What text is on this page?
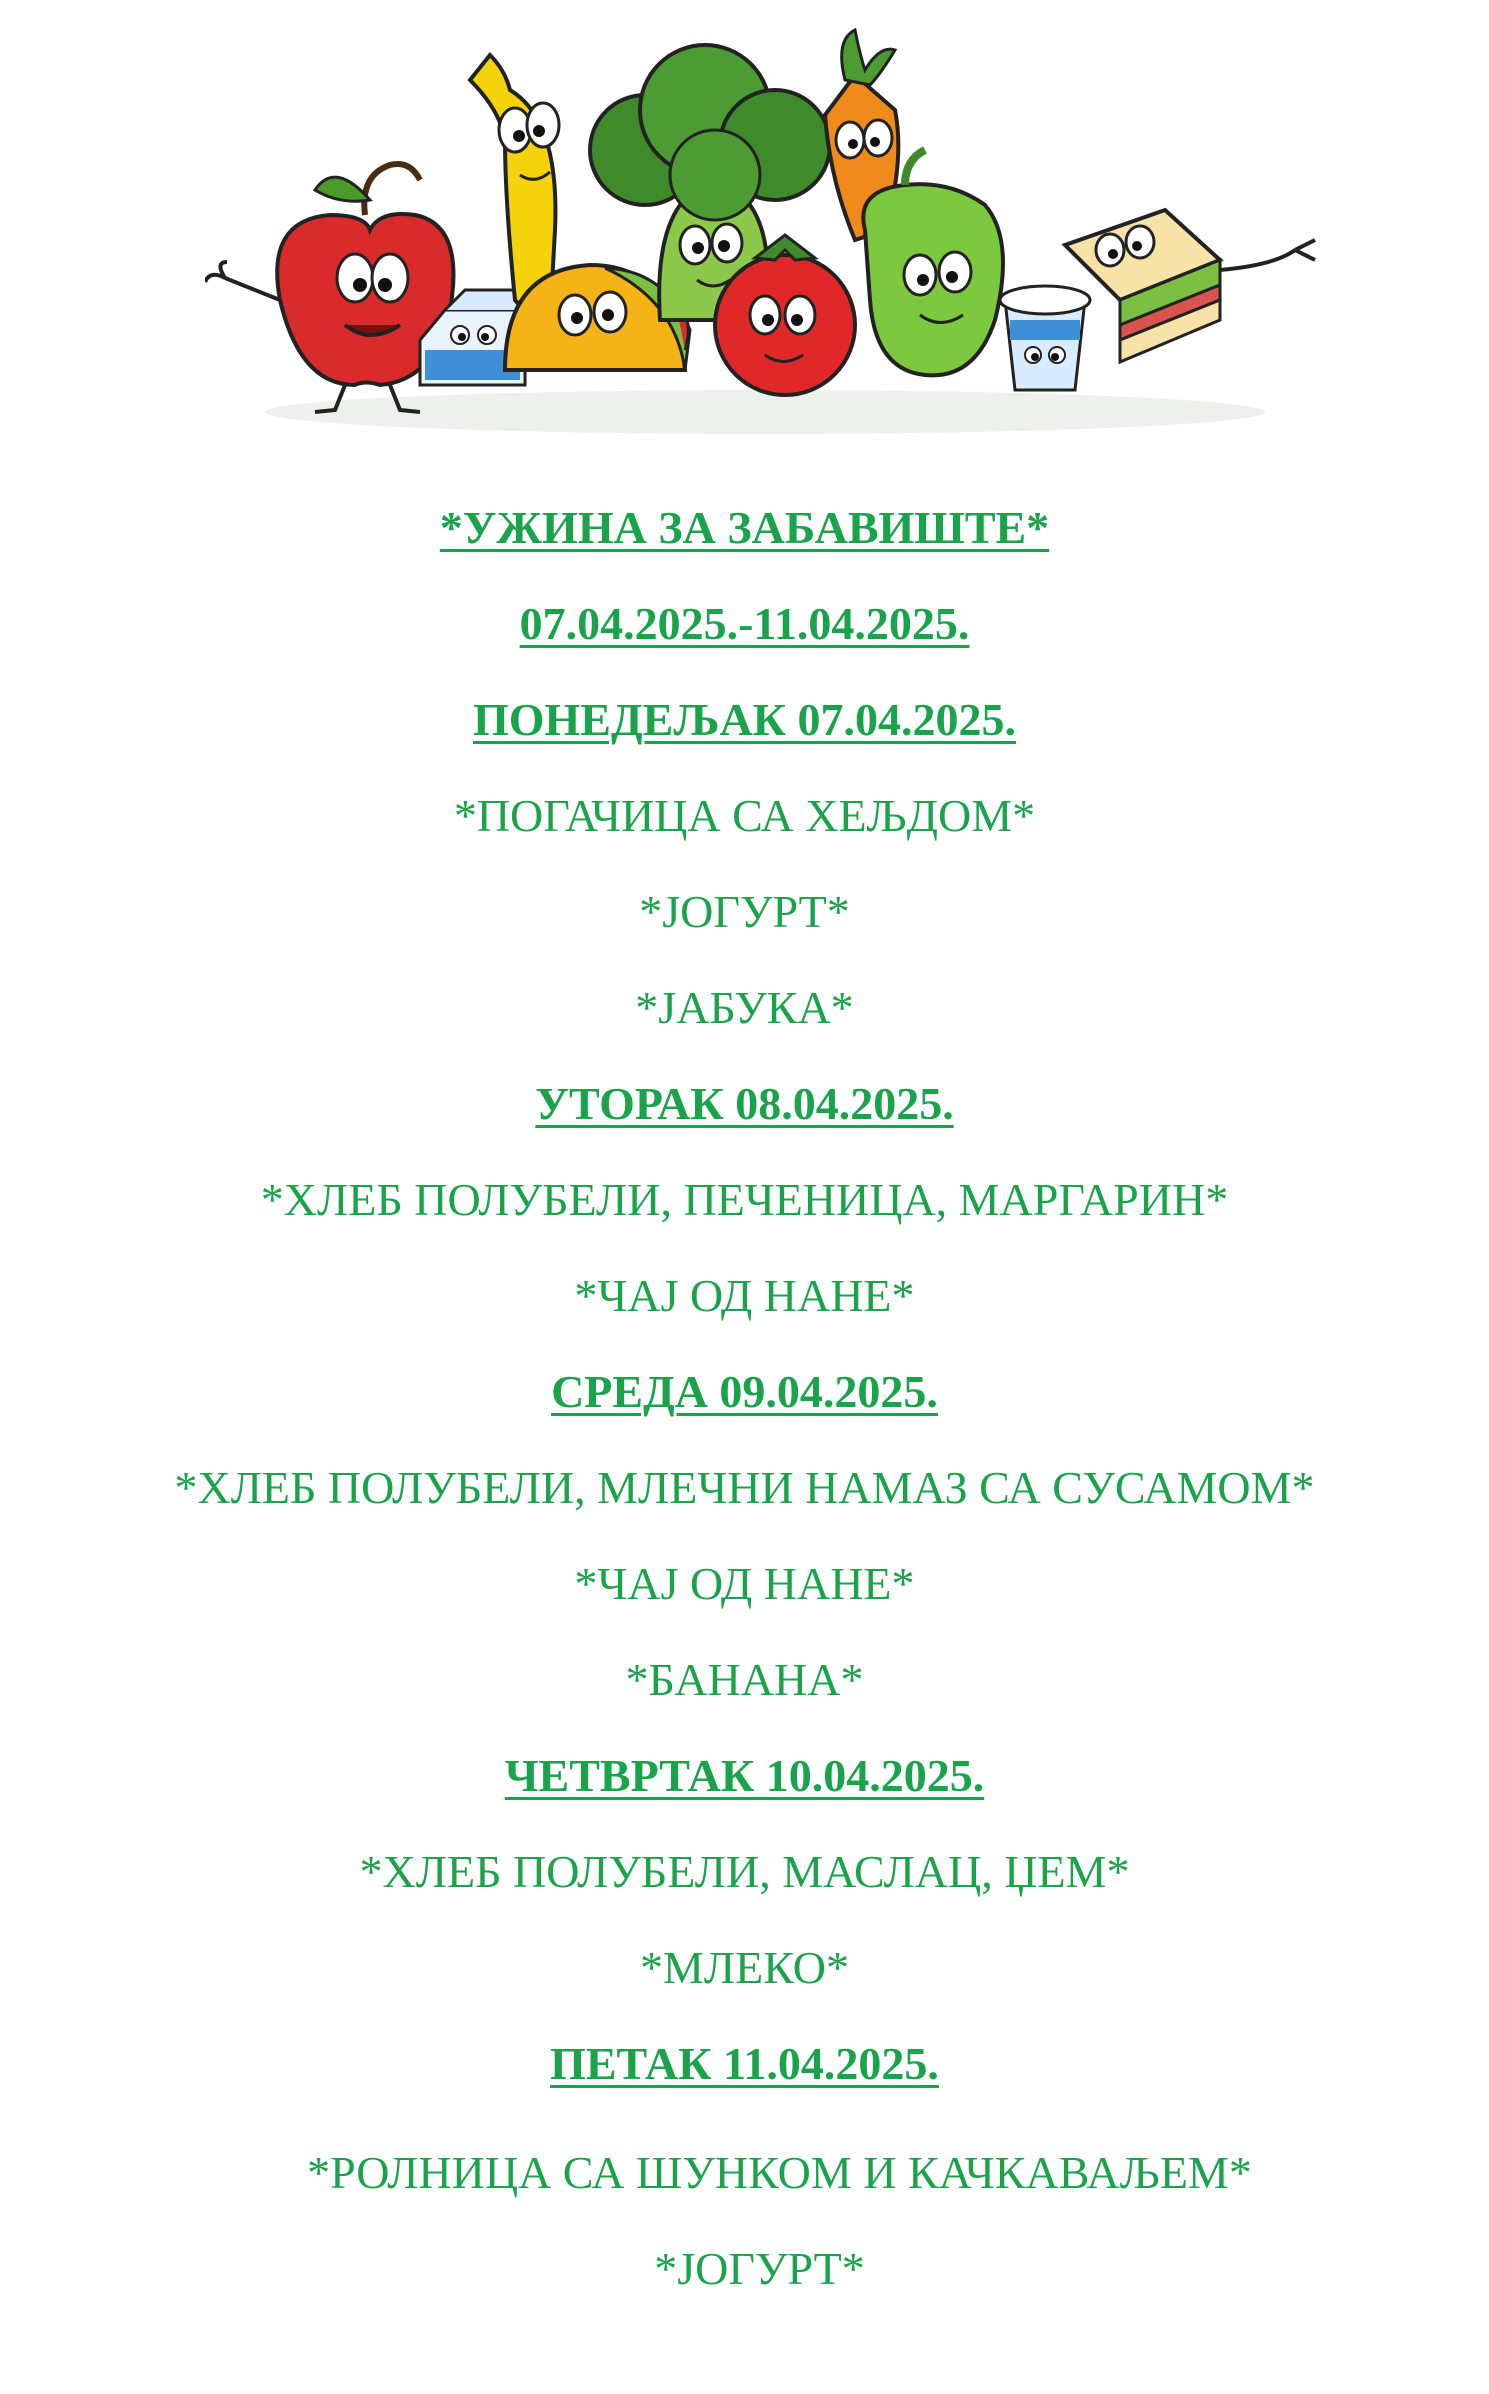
*УЖИНА ЗА ЗАБАВИШТЕ*
07.04.2025.-11.04.2025.
ПОНЕДЕЉАК 07.04.2025.
*ПОГАЧИЦА СА ХЕЉДОМ*
*ЈОГУРТ*
*ЈАБУКА*
УТОРАК 08.04.2025.
*ХЛЕБ ПОЛУБЕЛИ, ПЕЧЕНИЦА, МАРГАРИН*
*ЧАЈ ОД НАНЕ*
СРЕДА 09.04.2025.
*ХЛЕБ ПОЛУБЕЛИ, МЛЕЧНИ НАМАЗ СА СУСАМОМ*
*ЧАЈ ОД НАНЕ*
*БАНАНА*
ЧЕТВРТАК 10.04.2025.
*ХЛЕБ ПОЛУБЕЛИ, МАСЛАЦ, ЏЕМ*
*МЛЕКО*
ПЕТАК 11.04.2025.
*РОЛНИЦА СА ШУНКОМ И КАЧКАВАЉЕМ*
*ЈОГУРТ*
